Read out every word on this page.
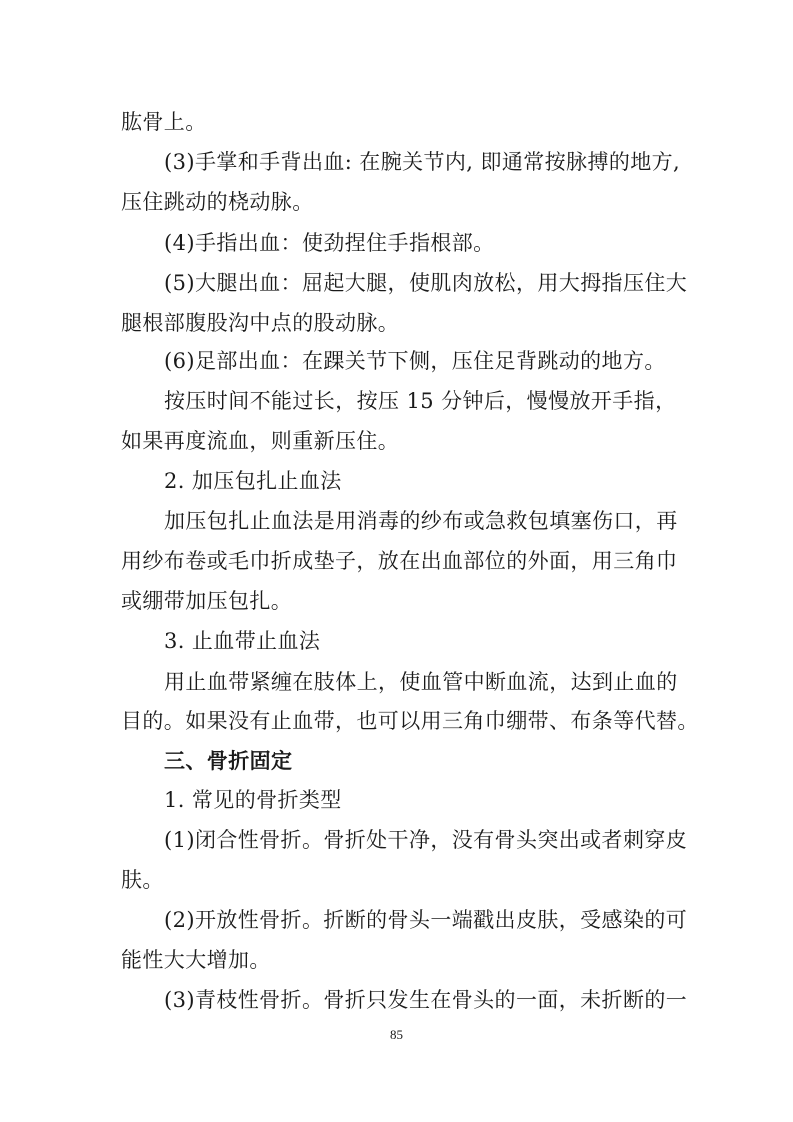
肱骨上。
(3)手掌和手背出血: 在腕关节内, 即通常按脉搏的地方,
压住跳动的桡动脉。
(4)手指出血：使劲捏住手指根部。
(5)大腿出血：屈起大腿，使肌肉放松，用大拇指压住大
腿根部腹股沟中点的股动脉。
(6)足部出血：在踝关节下侧，压住足背跳动的地方。
按压时间不能过长，按压 15 分钟后，慢慢放开手指，
如果再度流血，则重新压住。
2. 加压包扎止血法
加压包扎止血法是用消毒的纱布或急救包填塞伤口，再
用纱布卷或毛巾折成垫子，放在出血部位的外面，用三角巾
或绷带加压包扎。
3. 止血带止血法
用止血带紧缠在肢体上，使血管中断血流，达到止血的
目的。如果没有止血带，也可以用三角巾绷带、布条等代替。
三、骨折固定
1. 常见的骨折类型
(1)闭合性骨折。骨折处干净，没有骨头突出或者刺穿皮
肤。
(2)开放性骨折。折断的骨头一端戳出皮肤，受感染的可
能性大大增加。
(3)青枝性骨折。骨折只发生在骨头的一面，未折断的一
85
